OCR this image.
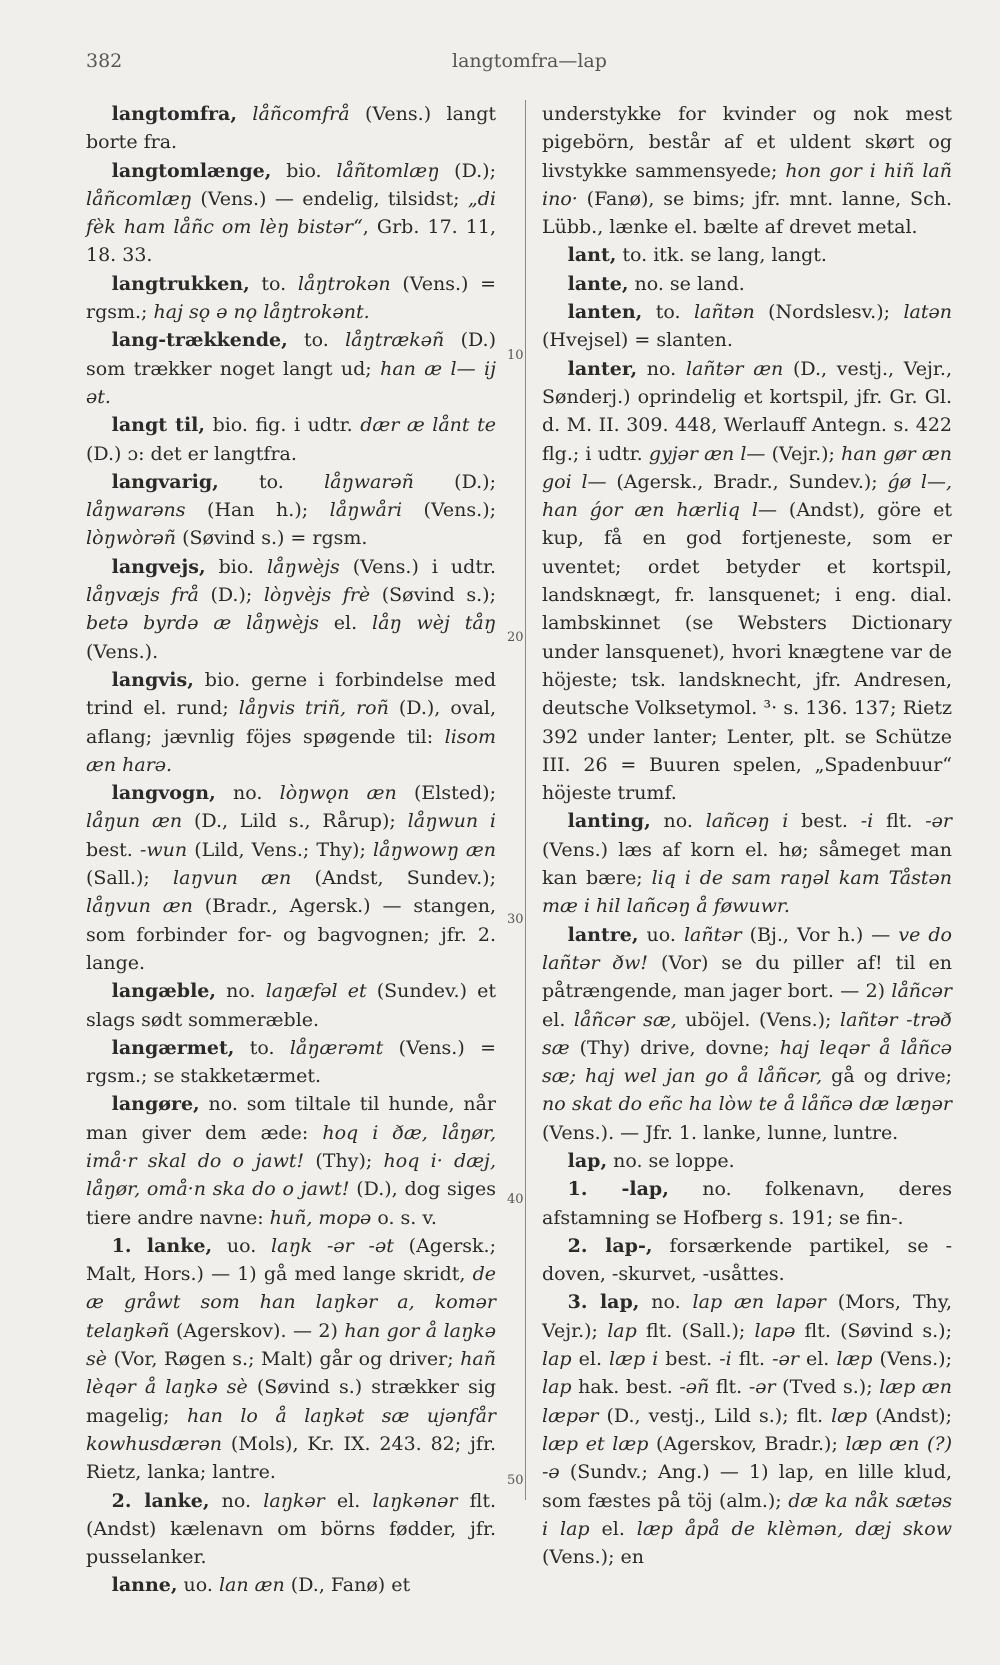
382	langtomfra—lap

langtomfra, låñcomfrå (Vens.) langt borte fra.

langtomlænge, bio. låñtomlæŋ (D.); låñcomlæŋ (Vens.) — endelig, tilsidst; „di fèk ham låñc om lèŋ bistər“, Grb. 17. 11, 18. 33.

langtrukken, to. låŋtrokən (Vens.) = rgsm.; haj sǫ ə nǫ låŋtrokənt.

lang-trækkende, to. låŋtrækəñ (D.) som trækker noget langt ud; han æ l— ij ət.

langt til, bio. fig. i udtr. dær æ lånt te (D.) ɔ: det er langtfra.

langvarig, to. låŋwarəñ (D.); låŋwarəns (Han h.); låŋwåri (Vens.); lòŋwòrəñ (Søvind s.) = rgsm.

langvejs, bio. låŋwèjs (Vens.) i udtr. låŋvæjs frå (D.); lòŋvèjs frè (Søvind s.); betə byrdə æ låŋwèjs el. låŋ wèj tåŋ (Vens.).

langvis, bio. gerne i forbindelse med trind el. rund; låŋvis triñ, roñ (D.), oval, aflang; jævnlig föjes spøgende til: lisom æn harə.

langvogn, no. lòŋwǫn æn (Elsted); låŋun æn (D., Lild s., Rårup); låŋwun i best. -wun (Lild, Vens.; Thy); låŋwowŋ æn (Sall.); laŋvun æn (Andst, Sundev.); låŋvun æn (Bradr., Agersk.) — stangen, som forbinder for- og bagvognen; jfr. 2. lange.

langæble, no. laŋæfəl et (Sundev.) et slags sødt sommeræble.

langærmet, to. låŋærəmt (Vens.) = rgsm.; se stakketærmet.

langøre, no. som tiltale til hunde, når man giver dem æde: hoq i ðæ, låŋør, imå·r skal do o jawt! (Thy); hoq i· dæj, låŋør, omå·n ska do o jawt! (D.), dog siges tiere andre navne: huñ, mopə o. s. v.

1. lanke, uo. laŋk -ər -ət (Agersk.; Malt, Hors.) — 1) gå med lange skridt, de æ gråwt som han laŋkər a, komər telaŋkəñ (Agerskov). — 2) han gor å laŋkə sè (Vor, Røgen s.; Malt) går og driver; hañ lèqər å laŋkə sè (Søvind s.) strækker sig magelig; han lo å laŋkət sæ ujənfår kowhusdærən (Mols), Kr. IX. 243. 82; jfr. Rietz, lanka; lantre.

2. lanke, no. laŋkər el. laŋkənər flt. (Andst) kælenavn om börns fødder, jfr. pusselanker.

lanne, uo. lan æn (D., Fanø) et

10
20
30
40
50

understykke for kvinder og nok mest pigebörn, består af et uldent skørt og livstykke sammensyede; hon gor i hiñ lañ ino· (Fanø), se bims; jfr. mnt. lanne, Sch. Lübb., lænke el. bælte af drevet metal.

lant, to. itk. se lang, langt.

lante, no. se land.

lanten, to. lañtən (Nordslesv.); latən (Hvejsel) = slanten.

lanter, no. lañtər æn (D., vestj., Vejr., Sønderj.) oprindelig et kortspil, jfr. Gr. Gl. d. M. II. 309. 448, Werlauff Antegn. s. 422 flg.; i udtr. gyjər æn l— (Vejr.); han gør æn goi l— (Agersk., Bradr., Sundev.); ǵø l—, han ǵor æn hærliq l— (Andst), göre et kup, få en god fortjeneste, som er uventet; ordet betyder et kortspil, landsknægt, fr. lansquenet; i eng. dial. lambskinnet (se Websters Dictionary under lansquenet), hvori knægtene var de höjeste; tsk. landsknecht, jfr. Andresen, deutsche Volksetymol. ³· s. 136. 137; Rietz 392 under lanter; Lenter, plt. se Schütze III. 26 = Buuren spelen, „Spadenbuur“ höjeste trumf.

lanting, no. lañcəŋ i best. -i flt. -ər (Vens.) læs af korn el. hø; såmeget man kan bære; liq i de sam raŋəl kam Tåstən mæ i hil lañcəŋ å føwuwr.

lantre, uo. lañtər (Bj., Vor h.) — ve do lañtər ðw! (Vor) se du piller af! til en påtrængende, man jager bort. — 2) låñcər el. låñcər sæ, uböjel. (Vens.); lañtər -trəð sæ (Thy) drive, dovne; haj leqər å låñcə sæ; haj wel jan go å låñcər, gå og drive; no skat do eñc ha lòw te å låñcə dæ læŋər (Vens.). — Jfr. 1. lanke, lunne, luntre.

lap, no. se loppe.

1. -lap, no. folkenavn, deres afstamning se Hofberg s. 191; se fin-.

2. lap-, forsærkende partikel, se -doven, -skurvet, -usåttes.

3. lap, no. lap æn lapər (Mors, Thy, Vejr.); lap flt. (Sall.); lapə flt. (Søvind s.); lap el. læp i best. -i flt. -ər el. læp (Vens.); lap hak. best. -əñ flt. -ər (Tved s.); læp æn læpər (D., vestj., Lild s.); flt. læp (Andst); læp et læp (Agerskov, Bradr.); læp æn (?) -ə (Sundv.; Ang.) — 1) lap, en lille klud, som fæstes på töj (alm.); dæ ka nåk sætəs i lap el. læp åpå de klèmən, dæj skow (Vens.); en
